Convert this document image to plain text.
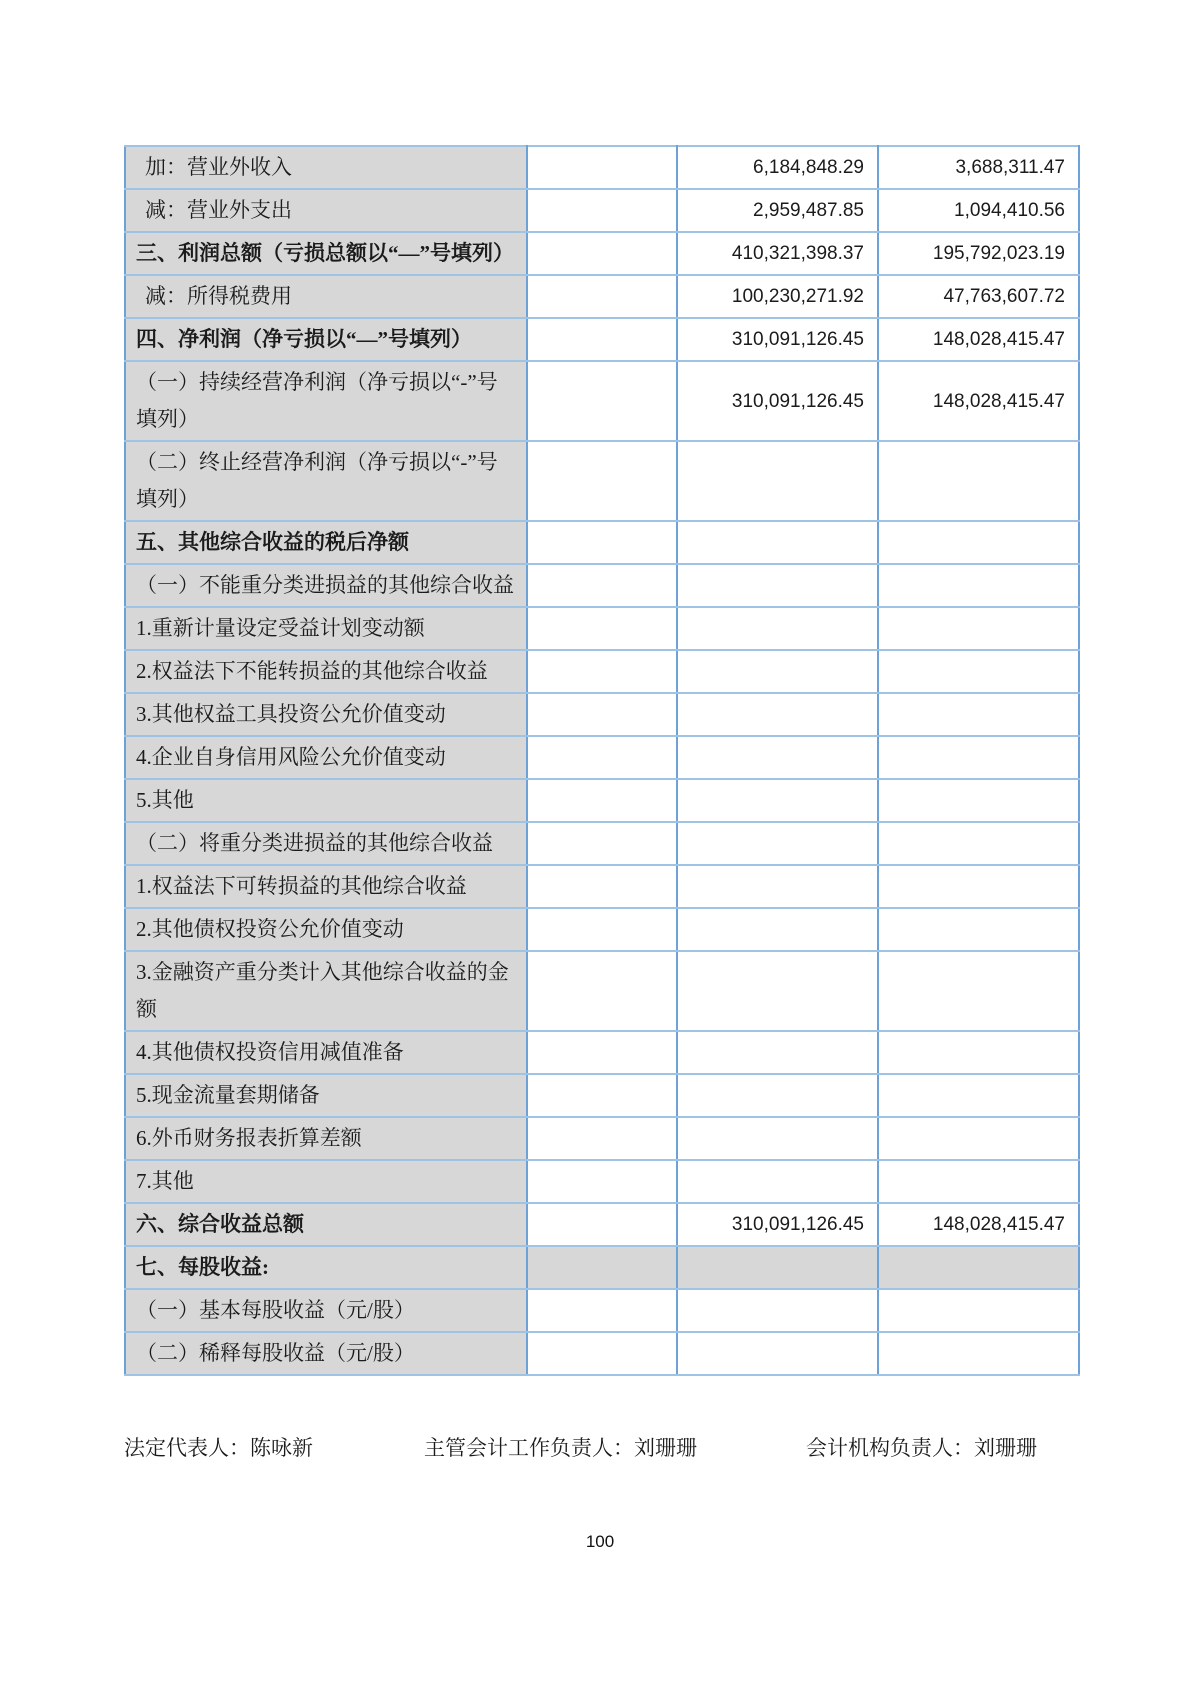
加：营业外收入		6,184,848.29	3,688,311.47
减：营业外支出		2,959,487.85	1,094,410.56
三、利润总额（亏损总额以“—”号填列）		410,321,398.37	195,792,023.19
减：所得税费用		100,230,271.92	47,763,607.72
四、净利润（净亏损以“—”号填列）		310,091,126.45	148,028,415.47
（一）持续经营净利润（净亏损以“-”号填列）		310,091,126.45	148,028,415.47
（二）终止经营净利润（净亏损以“-”号填列）			
五、其他综合收益的税后净额			
（一）不能重分类进损益的其他综合收益			
1.重新计量设定受益计划变动额			
2.权益法下不能转损益的其他综合收益			
3.其他权益工具投资公允价值变动			
4.企业自身信用风险公允价值变动			
5.其他			
（二）将重分类进损益的其他综合收益			
1.权益法下可转损益的其他综合收益			
2.其他债权投资公允价值变动			
3.金融资产重分类计入其他综合收益的金额			
4.其他债权投资信用减值准备			
5.现金流量套期储备			
6.外币财务报表折算差额			
7.其他			
六、综合收益总额		310,091,126.45	148,028,415.47
七、每股收益:			
（一）基本每股收益（元/股）			
（二）稀释每股收益（元/股）			
法定代表人：陈咏新	主管会计工作负责人：刘珊珊	会计机构负责人：刘珊珊
100
